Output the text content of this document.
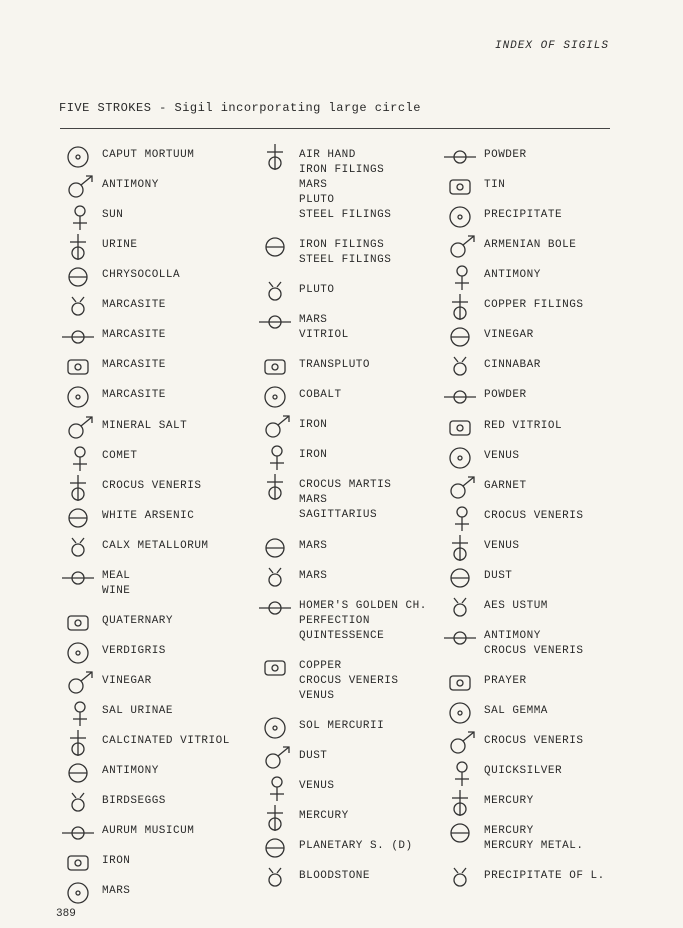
INDEX OF SIGILS
FIVE STROKES - Sigil incorporating large circle
CAPUT MORTUUM
ANTIMONY
SUN
URINE
CHRYSOCOLLA
MARCASITE
MARCASITE
MARCASITE
MARCASITE
MINERAL SALT
COMET
CROCUS VENERIS
WHITE ARSENIC
CALX METALLORUM
MEAL
WINE
QUATERNARY
VERDIGRIS
VINEGAR
SAL URINAE
CALCINATED VITRIOL
ANTIMONY
BIRDSEGGS
AURUM MUSICUM
IRON
MARS
AIR HAND
IRON FILINGS
MARS
PLUTO
STEEL FILINGS
IRON FILINGS
STEEL FILINGS
PLUTO
MARS
VITRIOL
TRANSPLUTO
COBALT
IRON
IRON
CROCUS MARTIS
MARS
SAGITTARIUS
MARS
MARS
HOMER'S GOLDEN CH.
PERFECTION
QUINTESSENCE
COPPER
CROCUS VENERIS
VENUS
SOL MERCURII
DUST
VENUS
MERCURY
PLANETARY S. (D)
BLOODSTONE
POWDER
TIN
PRECIPITATE
ARMENIAN BOLE
ANTIMONY
COPPER FILINGS
VINEGAR
CINNABAR
POWDER
RED VITRIOL
VENUS
GARNET
CROCUS VENERIS
VENUS
DUST
AES USTUM
ANTIMONY
CROCUS VENERIS
PRAYER
SAL GEMMA
CROCUS VENERIS
QUICKSILVER
MERCURY
MERCURY
MERCURY METAL.
PRECIPITATE OF L.
389
